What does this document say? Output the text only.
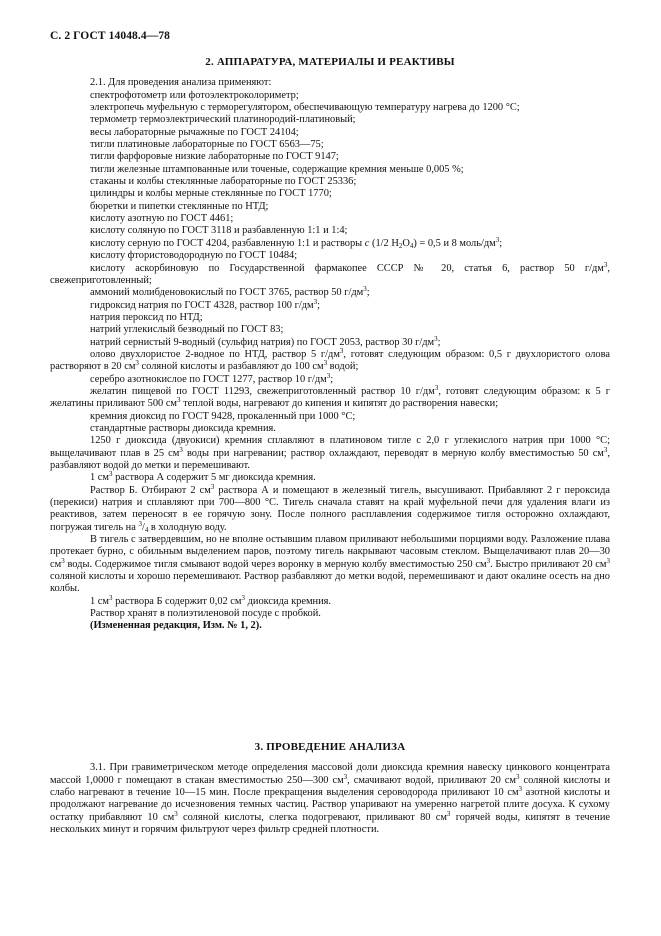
С. 2 ГОСТ 14048.4—78

2. АППАРАТУРА, МАТЕРИАЛЫ И РЕАКТИВЫ

2.1. Для проведения анализа применяют:

спектрофотометр или фотоэлектроколориметр;

электропечь муфельную с терморегулятором, обеспечивающую температуру нагрева до 1200 °С;

термометр термоэлектрический платинородий-платиновый;

весы лабораторные рычажные по ГОСТ 24104;

тигли платиновые лабораторные по ГОСТ 6563—75;

тигли фарфоровые низкие лабораторные по ГОСТ 9147;

тигли железные штампованные или точеные, содержащие кремния меньше 0,005 %;

стаканы и колбы стеклянные лабораторные по ГОСТ 25336;

цилиндры и колбы мерные стеклянные по ГОСТ 1770;

бюретки и пипетки стеклянные по НТД;

кислоту азотную по ГОСТ 4461;

кислоту соляную по ГОСТ 3118 и разбавленную 1:1 и 1:4;

кислоту серную по ГОСТ 4204, разбавленную 1:1 и растворы c (1/2 $H_2O_4) = 0,5$ и 8 моль/$дм^3$;

кислоту фтористоводородную по ГОСТ 10484;

кислоту аскорбиновую по Государственной фармакопее СССР № 20, статья 6, раствор 50 $г/дм^3$, свежеприготовленный;

аммоний молибденовокислый по ГОСТ 3765, раствор 50 $г/дм^3$;

гидроксид натрия по ГОСТ 4328, раствор 100 $г/дм^3$;

натрия пероксид по НТД;

натрий углекислый безводный по ГОСТ 83;

натрий сернистый 9-водный (сульфид натрия) по ГОСТ 2053, раствор 30 $г/дм^3$;

олово двухлористое 2-водное по НТД, раствор 5 $г/дм^3$, готовят следующим образом: 0,5 г двухлористого олова растворяют в 20 $см^3$ соляной кислоты и разбавляют до 100 $см^3$ водой;

серебро азотнокислое по ГОСТ 1277, раствор 10 $г/дм^3$;

желатин пищевой по ГОСТ 11293, свежеприготовленный раствор 10 $г/дм^3$, готовят следующим образом: к 5 г желатины приливают 500 $см^3$ теплой воды, нагревают до кипения и кипятят до растворения навески;

кремния диоксид по ГОСТ 9428, прокаленный при 1000 °С;

стандартные растворы диоксида кремния.

1250 г диоксида (двуокиси) кремния сплавляют в платиновом тигле с 2,0 г углекислого натрия при 1000 °С; выщелачивают плав в 25 $см^3$ воды при нагревании; раствор охлаждают, переводят в мерную колбу вместимостью 50 $см^3$, разбавляют водой до метки и перемешивают.

1 $см^3$ раствора А содержит 5 мг диоксида кремния.

Раствор Б. Отбирают 2 $см^3$ раствора А и помещают в железный тигель, высушивают. Прибавляют 2 г пероксида (перекиси) натрия и сплавляют при 700—800 °С. Тигель сначала ставят на край муфельной печи для удаления влаги из реактивов, затем переносят в ее горячую зону. После полного расплавления содержимое тигля осторожно охлаждают, погружая тигель на $^3/_4$ в холодную воду.

В тигель с затвердевшим, но не вполне остывшим плавом приливают небольшими порциями воду. Разложение плава протекает бурно, с обильным выделением паров, поэтому тигель накрывают часовым стеклом. Выщелачивают плав 20—30 $см^3$ воды. Содержимое тигля смывают водой через воронку в мерную колбу вместимостью 250 $см^3$. Быстро приливают 20 $см^3$ соляной кислоты и хорошо перемешивают. Раствор разбавляют до метки водой, перемешивают и дают окалине осесть на дно колбы.

1 $см^3$ раствора Б содержит 0,02 $см^3$ диоксида кремния.

Раствор хранят в полиэтиленовой посуде с пробкой.

(Измененная редакция, Изм. № 1, 2).

3. ПРОВЕДЕНИЕ АНАЛИЗА

3.1. При гравиметрическом методе определения массовой доли диоксида кремния навеску цинкового концентрата массой 1,0000 г помещают в стакан вместимостью 250—300 $см^3$, смачивают водой, приливают 20 $см^3$ соляной кислоты и слабо нагревают в течение 10—15 мин. После прекращения выделения сероводорода приливают 10 $см^3$ азотной кислоты и продолжают нагревание до исчезновения темных частиц. Раствор упаривают на умеренно нагретой плите досуха. К сухому остатку прибавляют 10 $см^3$ соляной кислоты, слегка подогревают, приливают 80 $см^3$ горячей воды, кипятят в течение нескольких минут и горячим фильтруют через фильтр средней плотности.
